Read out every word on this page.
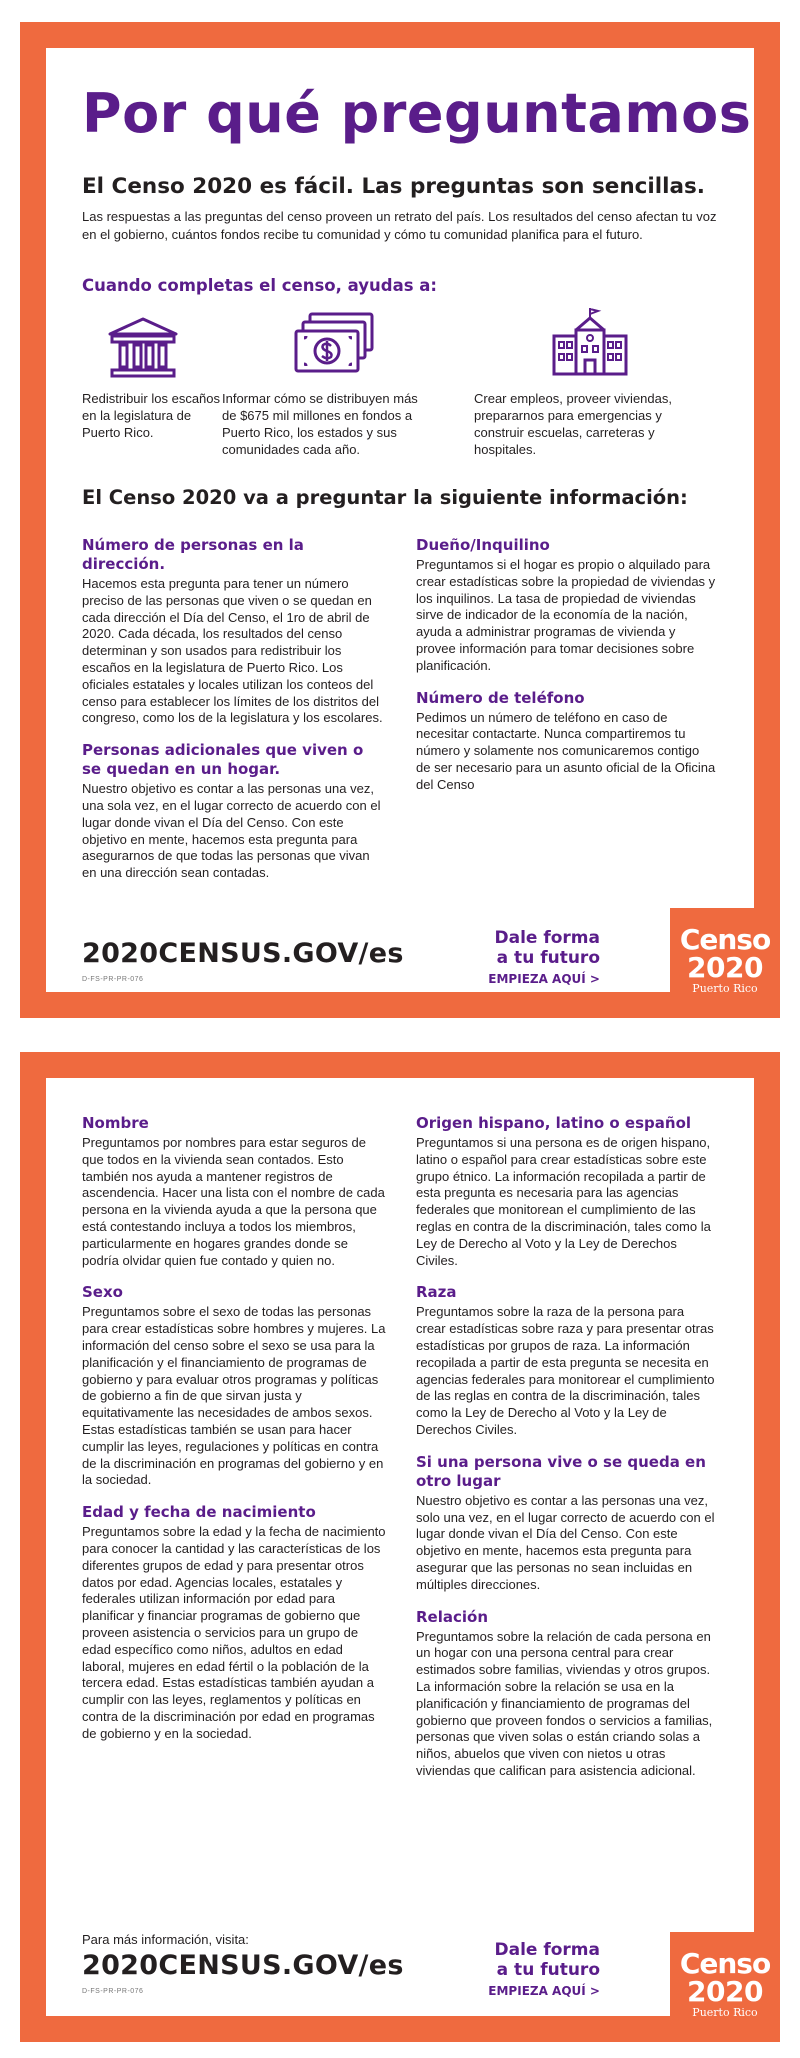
Por qué preguntamos
El Censo 2020 es fácil. Las preguntas son sencillas.

Las respuestas a las preguntas del censo proveen un retrato del país. Los resultados del censo afectan tu voz en el gobierno, cuántos fondos recibe tu comunidad y cómo tu comunidad planifica para el futuro.

Cuando completas el censo, ayudas a:
Redistribuir los escaños en la legislatura de Puerto Rico.
Informar cómo se distribuyen más de $675 mil millones en fondos a Puerto Rico, los estados y sus comunidades cada año.
Crear empleos, proveer viviendas, prepararnos para emergencias y construir escuelas, carreteras y hospitales.
El Censo 2020 va a preguntar la siguiente información:
Número de personas en la dirección.
Hacemos esta pregunta para tener un número preciso de las personas que viven o se quedan en cada dirección el Día del Censo, el 1ro de abril de 2020. Cada década, los resultados del censo determinan y son usados para redistribuir los escaños en la legislatura de Puerto Rico. Los oficiales estatales y locales utilizan los conteos del censo para establecer los límites de los distritos del congreso, como los de la legislatura y los escolares.
Personas adicionales que viven o se quedan en un hogar.
Nuestro objetivo es contar a las personas una vez, una sola vez, en el lugar correcto de acuerdo con el lugar donde vivan el Día del Censo. Con este objetivo en mente, hacemos esta pregunta para asegurarnos de que todas las personas que vivan en una dirección sean contadas.
Dueño/Inquilino
Preguntamos si el hogar es propio o alquilado para crear estadísticas sobre la propiedad de viviendas y los inquilinos. La tasa de propiedad de viviendas sirve de indicador de la economía de la nación, ayuda a administrar programas de vivienda y provee información para tomar decisiones sobre planificación.
Número de teléfono
Pedimos un número de teléfono en caso de necesitar contactarte. Nunca compartiremos tu número y solamente nos comunicaremos contigo de ser necesario para un asunto oficial de la Oficina del Censo
2020CENSUS.GOV/es
D-FS-PR-PR-076
Dale forma
a tu futuro
EMPIEZA AQUÍ >
Censo
2020
Puerto Rico
Nombre
Preguntamos por nombres para estar seguros de que todos en la vivienda sean contados. Esto también nos ayuda a mantener registros de ascendencia. Hacer una lista con el nombre de cada persona en la vivienda ayuda a que la persona que está contestando incluya a todos los miembros, particularmente en hogares grandes donde se podría olvidar quien fue contado y quien no.
Sexo
Preguntamos sobre el sexo de todas las personas para crear estadísticas sobre hombres y mujeres. La información del censo sobre el sexo se usa para la planificación y el financiamiento de programas de gobierno y para evaluar otros programas y políticas de gobierno a fin de que sirvan justa y equitativamente las necesidades de ambos sexos. Estas estadísticas también se usan para hacer cumplir las leyes, regulaciones y políticas en contra de la discriminación en programas del gobierno y en la sociedad.
Edad y fecha de nacimiento
Preguntamos sobre la edad y la fecha de nacimiento para conocer la cantidad y las características de los diferentes grupos de edad y para presentar otros datos por edad. Agencias locales, estatales y federales utilizan información por edad para planificar y financiar programas de gobierno que proveen asistencia o servicios para un grupo de edad específico como niños, adultos en edad laboral, mujeres en edad fértil o la población de la tercera edad. Estas estadísticas también ayudan a cumplir con las leyes, reglamentos y políticas en contra de la discriminación por edad en programas de gobierno y en la sociedad.
Origen hispano, latino o español
Preguntamos si una persona es de origen hispano, latino o español para crear estadísticas sobre este grupo étnico. La información recopilada a partir de esta pregunta es necesaria para las agencias federales que monitorean el cumplimiento de las reglas en contra de la discriminación, tales como la Ley de Derecho al Voto y la Ley de Derechos Civiles.
Raza
Preguntamos sobre la raza de la persona para crear estadísticas sobre raza y para presentar otras estadísticas por grupos de raza. La información recopilada a partir de esta pregunta se necesita en agencias federales para monitorear el cumplimiento de las reglas en contra de la discriminación, tales como la Ley de Derecho al Voto y la Ley de Derechos Civiles.
Si una persona vive o se queda en otro lugar
Nuestro objetivo es contar a las personas una vez, solo una vez, en el lugar correcto de acuerdo con el lugar donde vivan el Día del Censo. Con este objetivo en mente, hacemos esta pregunta para asegurar que las personas no sean incluidas en múltiples direcciones.
Relación
Preguntamos sobre la relación de cada persona en un hogar con una persona central para crear estimados sobre familias, viviendas y otros grupos. La información sobre la relación se usa en la planificación y financiamiento de programas del gobierno que proveen fondos o servicios a familias, personas que viven solas o están criando solas a niños, abuelos que viven con nietos u otras viviendas que califican para asistencia adicional.
Para más información, visita:
2020CENSUS.GOV/es
D-FS-PR-PR-076
Dale forma
a tu futuro
EMPIEZA AQUÍ >
Censo
2020
Puerto Rico
